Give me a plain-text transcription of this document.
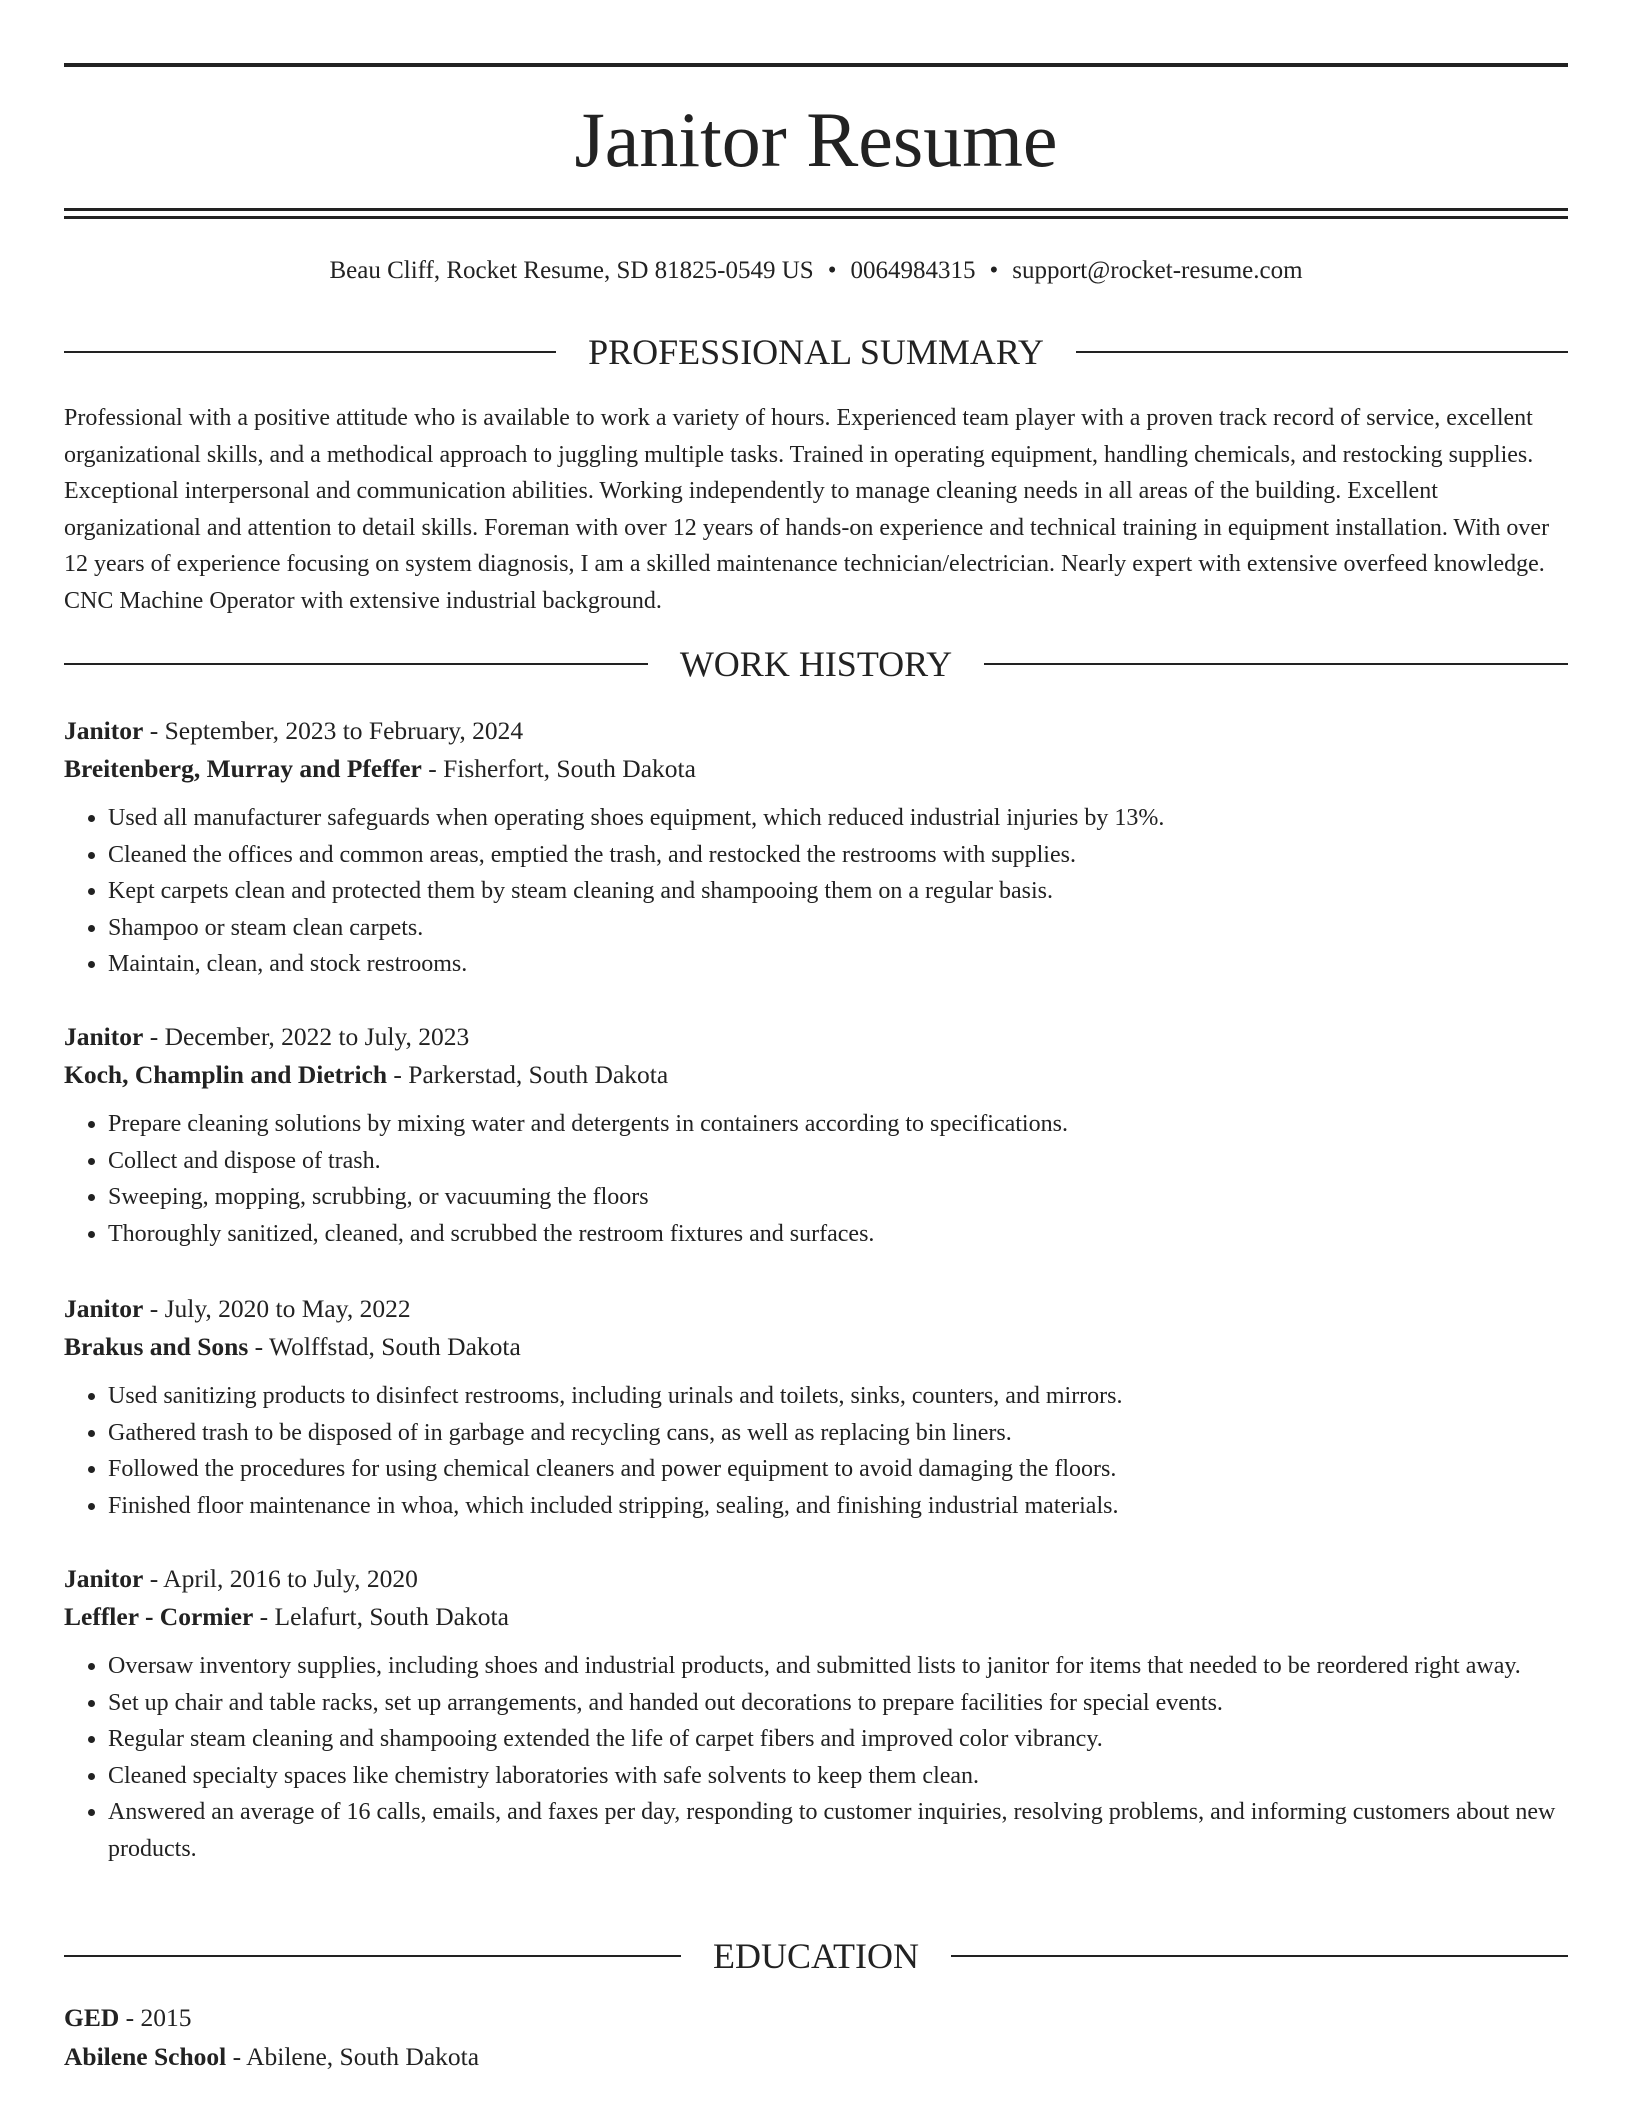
Janitor Resume
Beau Cliff, Rocket Resume, SD 81825-0549 US • 0064984315 • support@rocket-resume.com
PROFESSIONAL SUMMARY

Professional with a positive attitude who is available to work a variety of hours. Experienced team player with a proven track record of service, excellent organizational skills, and a methodical approach to juggling multiple tasks. Trained in operating equipment, handling chemicals, and restocking supplies. Exceptional interpersonal and communication abilities. Working independently to manage cleaning needs in all areas of the building. Excellent organizational and attention to detail skills. Foreman with over 12 years of hands-on experience and technical training in equipment installation. With over 12 years of experience focusing on system diagnosis, I am a skilled maintenance technician/electrician. Nearly expert with extensive overfeed knowledge. CNC Machine Operator with extensive industrial background.

WORK HISTORY
Janitor - September, 2023 to February, 2024
Breitenberg, Murray and Pfeffer - Fisherfort, South Dakota
• Used all manufacturer safeguards when operating shoes equipment, which reduced industrial injuries by 13%.
• Cleaned the offices and common areas, emptied the trash, and restocked the restrooms with supplies.
• Kept carpets clean and protected them by steam cleaning and shampooing them on a regular basis.
• Shampoo or steam clean carpets.
• Maintain, clean, and stock restrooms.
Janitor - December, 2022 to July, 2023
Koch, Champlin and Dietrich - Parkerstad, South Dakota
• Prepare cleaning solutions by mixing water and detergents in containers according to specifications.
• Collect and dispose of trash.
• Sweeping, mopping, scrubbing, or vacuuming the floors
• Thoroughly sanitized, cleaned, and scrubbed the restroom fixtures and surfaces.
Janitor - July, 2020 to May, 2022
Brakus and Sons - Wolffstad, South Dakota
• Used sanitizing products to disinfect restrooms, including urinals and toilets, sinks, counters, and mirrors.
• Gathered trash to be disposed of in garbage and recycling cans, as well as replacing bin liners.
• Followed the procedures for using chemical cleaners and power equipment to avoid damaging the floors.
• Finished floor maintenance in whoa, which included stripping, sealing, and finishing industrial materials.
Janitor - April, 2016 to July, 2020
Leffler - Cormier - Lelafurt, South Dakota
• Oversaw inventory supplies, including shoes and industrial products, and submitted lists to janitor for items that needed to be reordered right away.
• Set up chair and table racks, set up arrangements, and handed out decorations to prepare facilities for special events.
• Regular steam cleaning and shampooing extended the life of carpet fibers and improved color vibrancy.
• Cleaned specialty spaces like chemistry laboratories with safe solvents to keep them clean.
• Answered an average of 16 calls, emails, and faxes per day, responding to customer inquiries, resolving problems, and informing customers about new products.
EDUCATION
GED - 2015
Abilene School - Abilene, South Dakota
